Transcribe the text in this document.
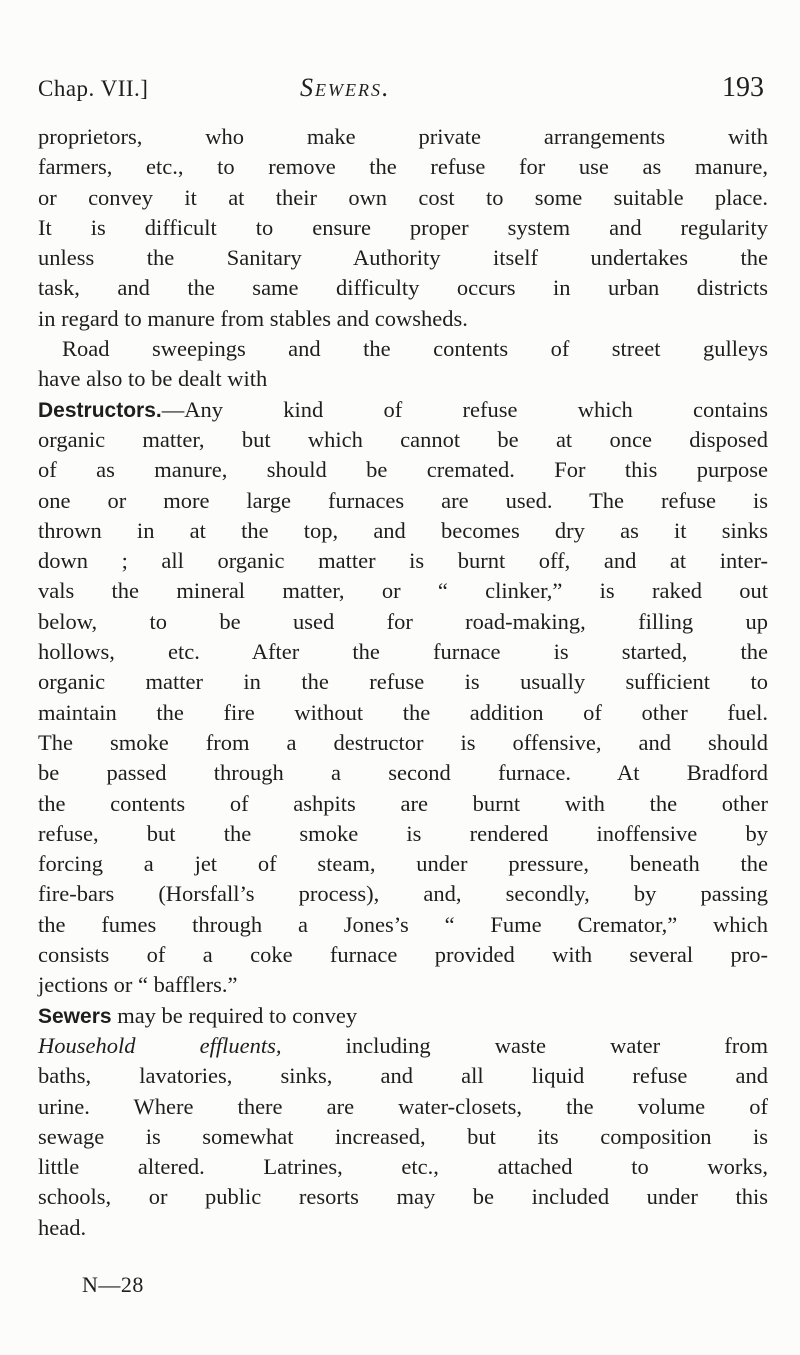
Chap. VII.]	Sewers.	193
proprietors, who make private arrangements with
farmers, etc., to remove the refuse for use as manure,
or convey it at their own cost to some suitable place.
It is difficult to ensure proper system and regularity
unless the Sanitary Authority itself undertakes the
task, and the same difficulty occurs in urban districts
in regard to manure from stables and cowsheds.
Road sweepings and the contents of street gulleys
have also to be dealt with
Destructors.—Any kind of refuse which contains
organic matter, but which cannot be at once disposed
of as manure, should be cremated. For this purpose
one or more large furnaces are used. The refuse is
thrown in at the top, and becomes dry as it sinks
down ; all organic matter is burnt off, and at inter-
vals the mineral matter, or “ clinker,” is raked out
below, to be used for road-making, filling up
hollows, etc. After the furnace is started, the
organic matter in the refuse is usually sufficient to
maintain the fire without the addition of other fuel.
The smoke from a destructor is offensive, and should
be passed through a second furnace. At Bradford
the contents of ashpits are burnt with the other
refuse, but the smoke is rendered inoffensive by
forcing a jet of steam, under pressure, beneath the
fire-bars (Horsfall’s process), and, secondly, by passing
the fumes through a Jones’s “ Fume Cremator,” which
consists of a coke furnace provided with several pro-
jections or “ bafflers.”
Sewers may be required to convey
Household effluents, including waste water from
baths, lavatories, sinks, and all liquid refuse and
urine. Where there are water-closets, the volume of
sewage is somewhat increased, but its composition is
little altered. Latrines, etc., attached to works,
schools, or public resorts may be included under this
head.
N—28
